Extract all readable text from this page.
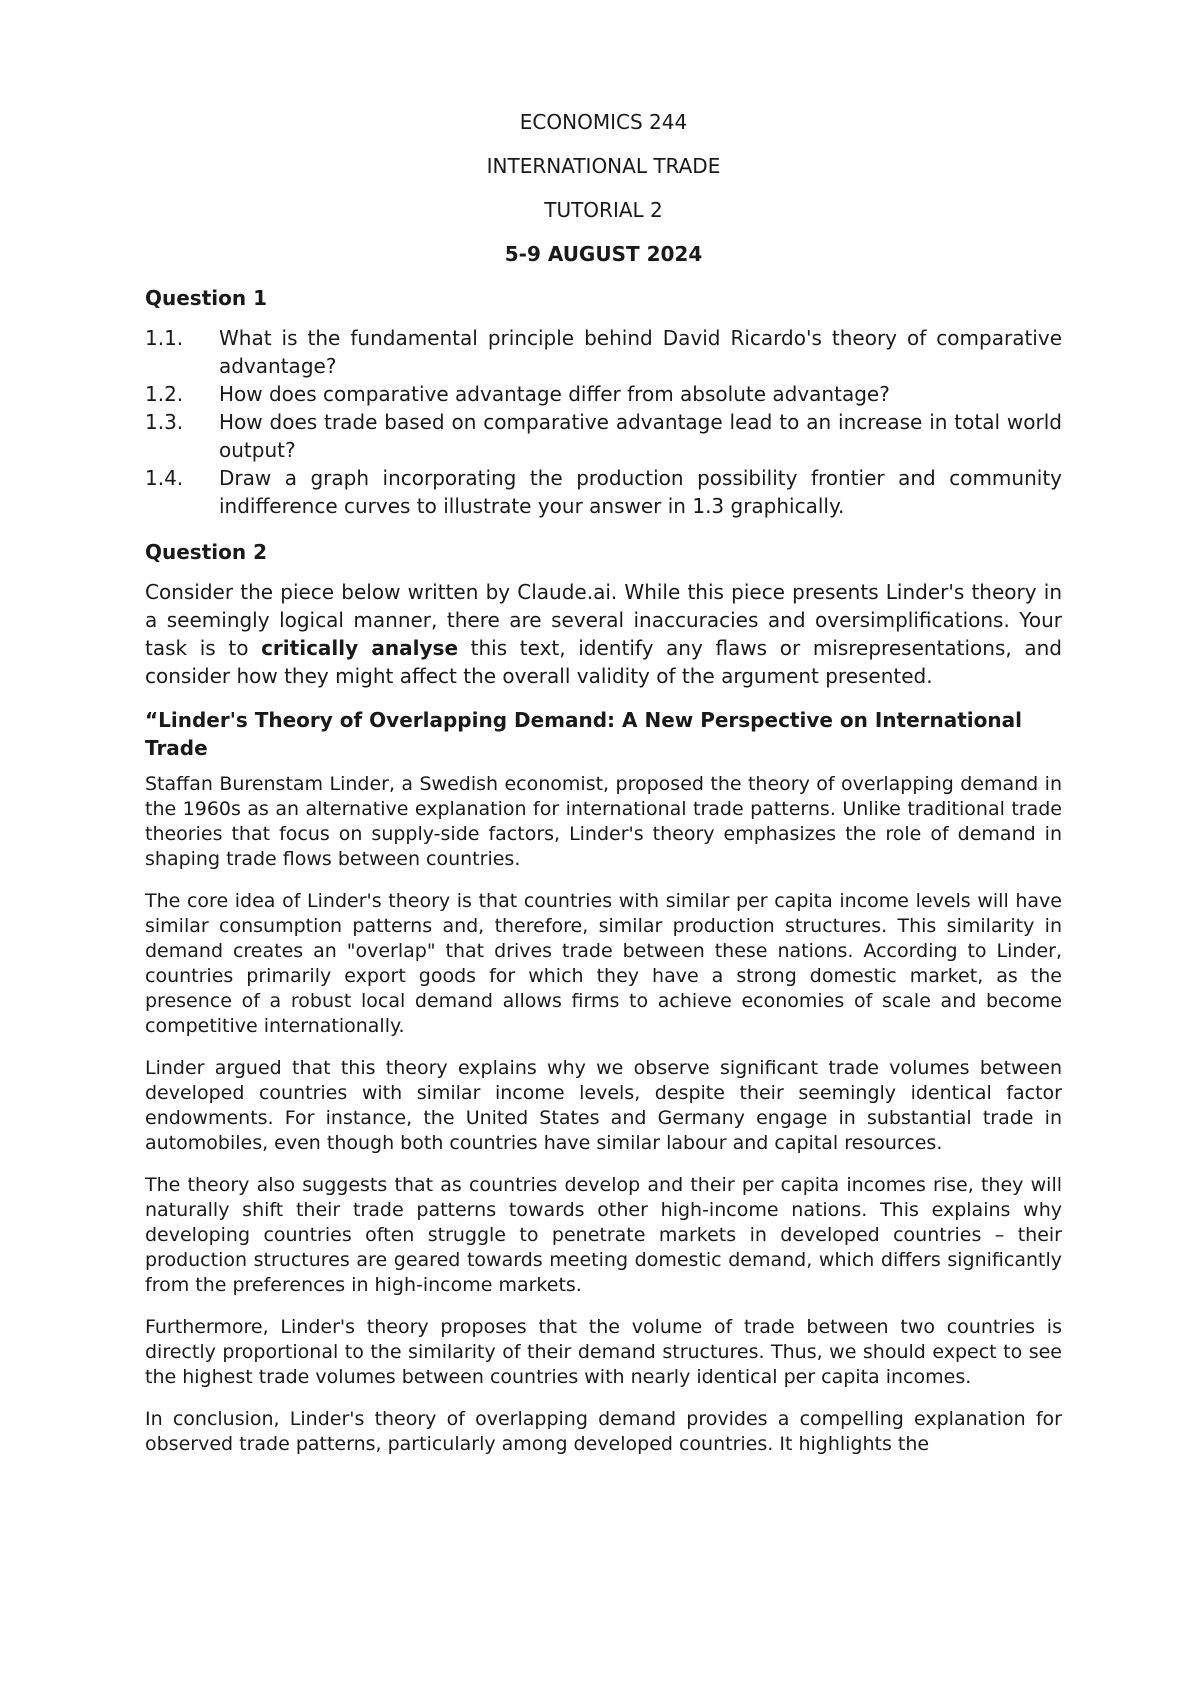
ECONOMICS 244
INTERNATIONAL TRADE
TUTORIAL 2
5-9 AUGUST 2024
Question 1
1.1.	What is the fundamental principle behind David Ricardo's theory of comparative advantage?
1.2.	How does comparative advantage differ from absolute advantage?
1.3.	How does trade based on comparative advantage lead to an increase in total world output?
1.4.	Draw a graph incorporating the production possibility frontier and community indifference curves to illustrate your answer in 1.3 graphically.
Question 2

Consider the piece below written by Claude.ai. While this piece presents Linder's theory in a seemingly logical manner, there are several inaccuracies and oversimplifications. Your task is to critically analyse this text, identify any flaws or misrepresentations, and consider how they might affect the overall validity of the argument presented.

“Linder's Theory of Overlapping Demand: A New Perspective on International Trade

Staffan Burenstam Linder, a Swedish economist, proposed the theory of overlapping demand in the 1960s as an alternative explanation for international trade patterns. Unlike traditional trade theories that focus on supply-side factors, Linder's theory emphasizes the role of demand in shaping trade flows between countries.

The core idea of Linder's theory is that countries with similar per capita income levels will have similar consumption patterns and, therefore, similar production structures. This similarity in demand creates an "overlap" that drives trade between these nations. According to Linder, countries primarily export goods for which they have a strong domestic market, as the presence of a robust local demand allows firms to achieve economies of scale and become competitive internationally.

Linder argued that this theory explains why we observe significant trade volumes between developed countries with similar income levels, despite their seemingly identical factor endowments. For instance, the United States and Germany engage in substantial trade in automobiles, even though both countries have similar labour and capital resources.

The theory also suggests that as countries develop and their per capita incomes rise, they will naturally shift their trade patterns towards other high-income nations. This explains why developing countries often struggle to penetrate markets in developed countries – their production structures are geared towards meeting domestic demand, which differs significantly from the preferences in high-income markets.

Furthermore, Linder's theory proposes that the volume of trade between two countries is directly proportional to the similarity of their demand structures. Thus, we should expect to see the highest trade volumes between countries with nearly identical per capita incomes.

In conclusion, Linder's theory of overlapping demand provides a compelling explanation for observed trade patterns, particularly among developed countries. It highlights the
